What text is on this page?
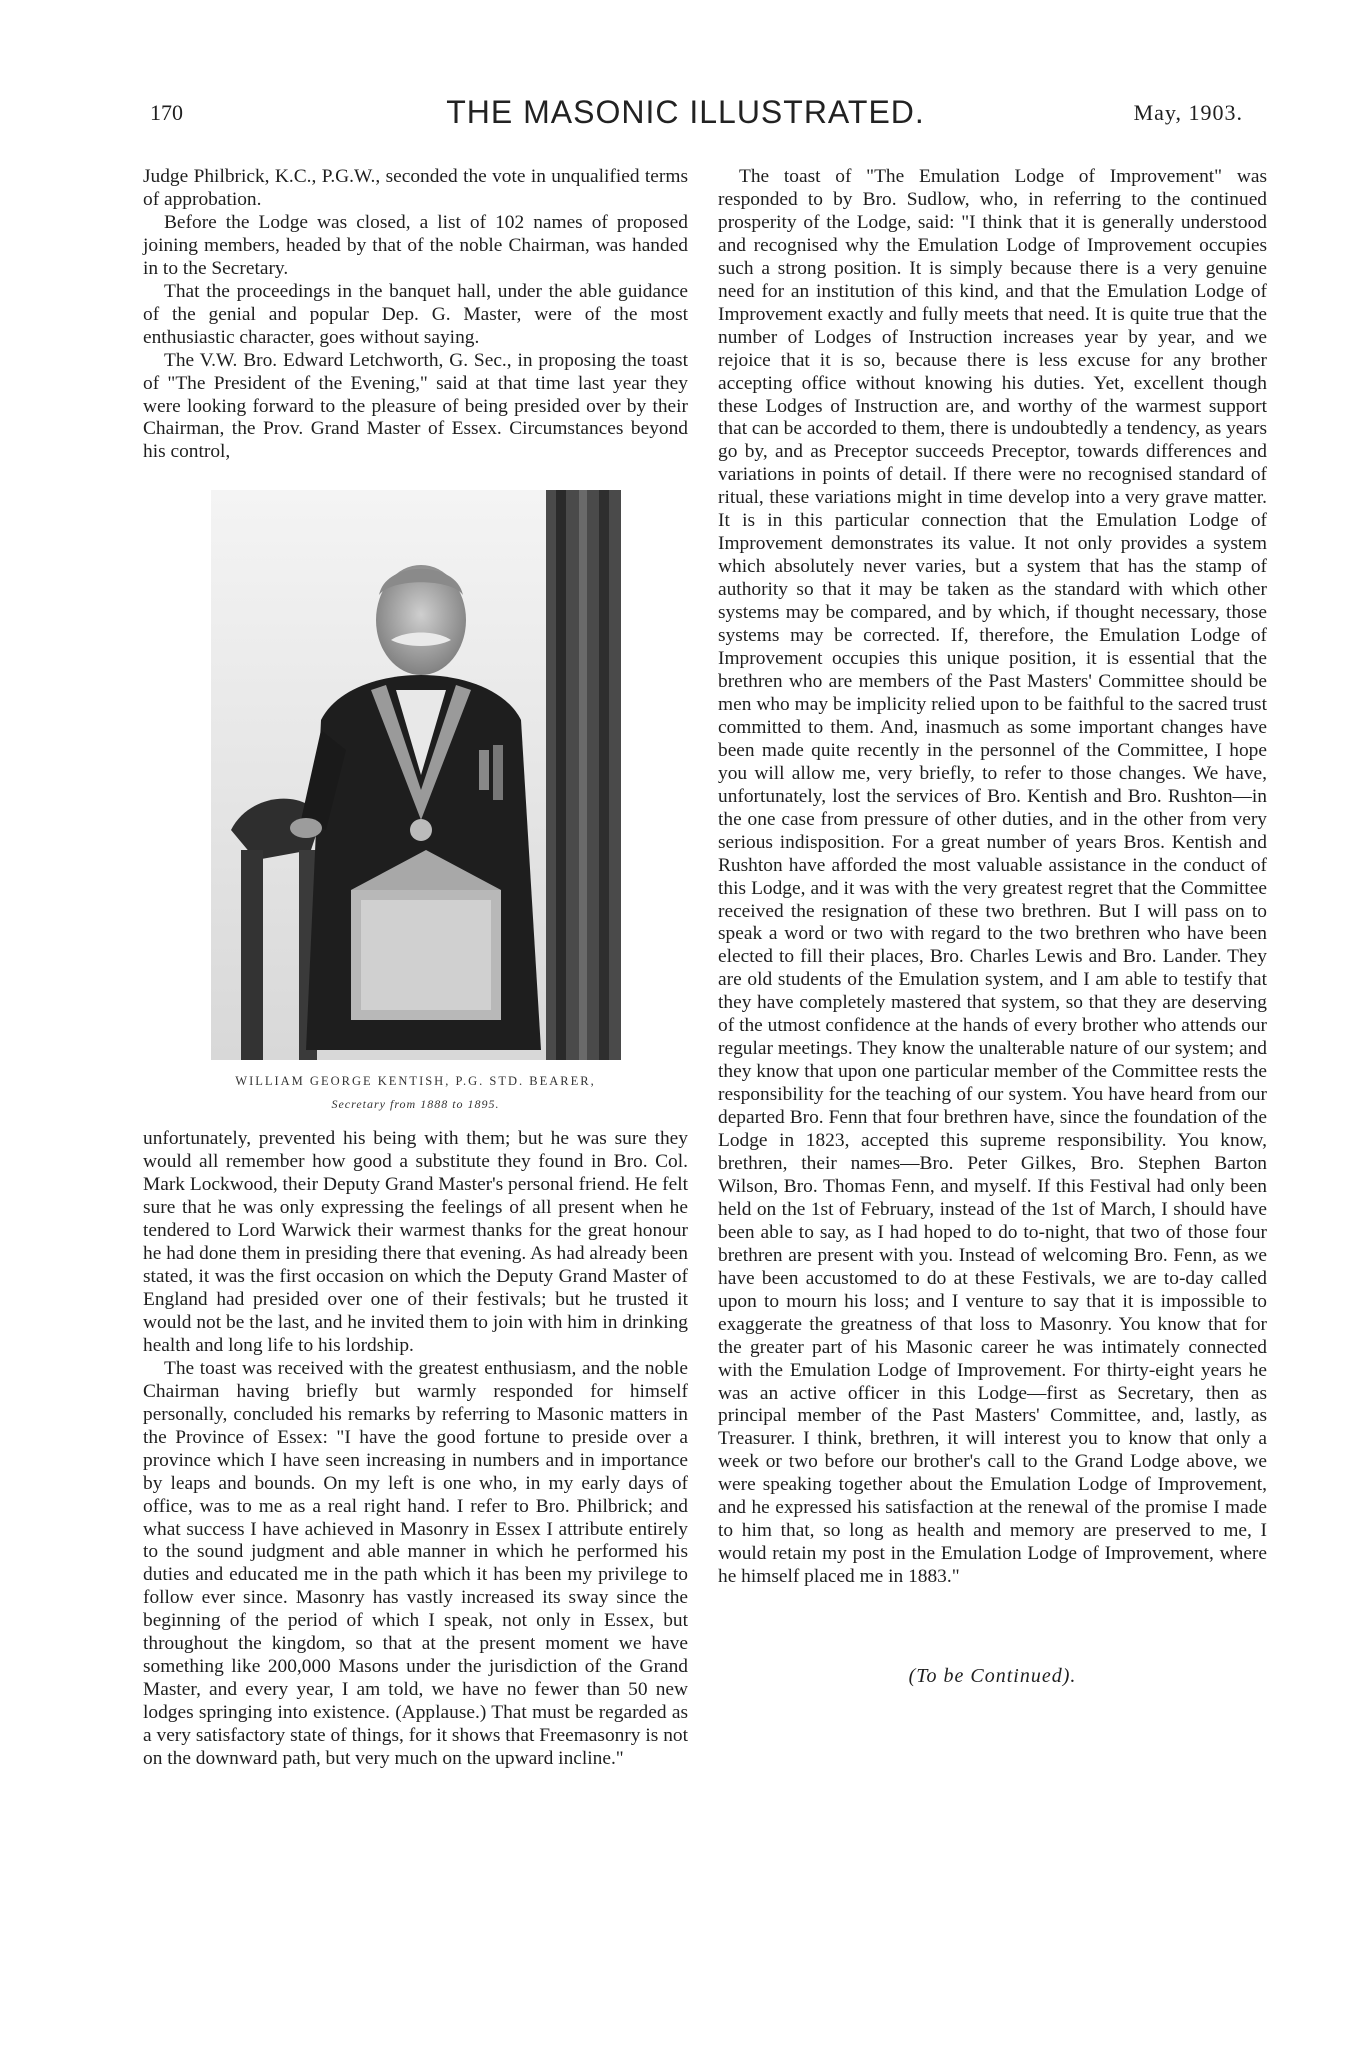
170	THE MASONIC ILLUSTRATED.	May, 1903.

Judge Philbrick, K.C., P.G.W., seconded the vote in unqualified terms of approbation.

Before the Lodge was closed, a list of 102 names of proposed joining members, headed by that of the noble Chairman, was handed in to the Secretary.

That the proceedings in the banquet hall, under the able guidance of the genial and popular Dep. G. Master, were of the most enthusiastic character, goes without saying.

The V.W. Bro. Edward Letchworth, G. Sec., in proposing the toast of "The President of the Evening," said at that time last year they were looking forward to the pleasure of being presided over by their Chairman, the Prov. Grand Master of Essex. Circumstances beyond his control,

WILLIAM GEORGE KENTISH, P.G. STD. BEARER,
Secretary from 1888 to 1895.

unfortunately, prevented his being with them; but he was sure they would all remember how good a substitute they found in Bro. Col. Mark Lockwood, their Deputy Grand Master's personal friend. He felt sure that he was only expressing the feelings of all present when he tendered to Lord Warwick their warmest thanks for the great honour he had done them in presiding there that evening. As had already been stated, it was the first occasion on which the Deputy Grand Master of England had presided over one of their festivals; but he trusted it would not be the last, and he invited them to join with him in drinking health and long life to his lordship.

The toast was received with the greatest enthusiasm, and the noble Chairman having briefly but warmly responded for himself personally, concluded his remarks by referring to Masonic matters in the Province of Essex: "I have the good fortune to preside over a province which I have seen increasing in numbers and in importance by leaps and bounds. On my left is one who, in my early days of office, was to me as a real right hand. I refer to Bro. Philbrick; and what success I have achieved in Masonry in Essex I attribute entirely to the sound judgment and able manner in which he performed his duties and educated me in the path which it has been my privilege to follow ever since. Masonry has vastly increased its sway since the beginning of the period of which I speak, not only in Essex, but throughout the kingdom, so that at the present moment we have something like 200,000 Masons under the jurisdiction of the Grand Master, and every year, I am told, we have no fewer than 50 new lodges springing into existence. (Applause.) That must be regarded as a very satisfactory state of things, for it shows that Freemasonry is not on the downward path, but very much on the upward incline."

The toast of "The Emulation Lodge of Improvement" was responded to by Bro. Sudlow, who, in referring to the continued prosperity of the Lodge, said: "I think that it is generally understood and recognised why the Emulation Lodge of Improvement occupies such a strong position. It is simply because there is a very genuine need for an institution of this kind, and that the Emulation Lodge of Improvement exactly and fully meets that need. It is quite true that the number of Lodges of Instruction increases year by year, and we rejoice that it is so, because there is less excuse for any brother accepting office without knowing his duties. Yet, excellent though these Lodges of Instruction are, and worthy of the warmest support that can be accorded to them, there is undoubtedly a tendency, as years go by, and as Preceptor succeeds Preceptor, towards differences and variations in points of detail. If there were no recognised standard of ritual, these variations might in time develop into a very grave matter. It is in this particular connection that the Emulation Lodge of Improvement demonstrates its value. It not only provides a system which absolutely never varies, but a system that has the stamp of authority so that it may be taken as the standard with which other systems may be compared, and by which, if thought necessary, those systems may be corrected. If, therefore, the Emulation Lodge of Improvement occupies this unique position, it is essential that the brethren who are members of the Past Masters' Committee should be men who may be implicity relied upon to be faithful to the sacred trust committed to them. And, inasmuch as some important changes have been made quite recently in the personnel of the Committee, I hope you will allow me, very briefly, to refer to those changes. We have, unfortunately, lost the services of Bro. Kentish and Bro. Rushton—in the one case from pressure of other duties, and in the other from very serious indisposition. For a great number of years Bros. Kentish and Rushton have afforded the most valuable assistance in the conduct of this Lodge, and it was with the very greatest regret that the Committee received the resignation of these two brethren. But I will pass on to speak a word or two with regard to the two brethren who have been elected to fill their places, Bro. Charles Lewis and Bro. Lander. They are old students of the Emulation system, and I am able to testify that they have completely mastered that system, so that they are deserving of the utmost confidence at the hands of every brother who attends our regular meetings. They know the unalterable nature of our system; and they know that upon one particular member of the Committee rests the responsibility for the teaching of our system. You have heard from our departed Bro. Fenn that four brethren have, since the foundation of the Lodge in 1823, accepted this supreme responsibility. You know, brethren, their names—Bro. Peter Gilkes, Bro. Stephen Barton Wilson, Bro. Thomas Fenn, and myself. If this Festival had only been held on the 1st of February, instead of the 1st of March, I should have been able to say, as I had hoped to do to-night, that two of those four brethren are present with you. Instead of welcoming Bro. Fenn, as we have been accustomed to do at these Festivals, we are to-day called upon to mourn his loss; and I venture to say that it is impossible to exaggerate the greatness of that loss to Masonry. You know that for the greater part of his Masonic career he was intimately connected with the Emulation Lodge of Improvement. For thirty-eight years he was an active officer in this Lodge—first as Secretary, then as principal member of the Past Masters' Committee, and, lastly, as Treasurer. I think, brethren, it will interest you to know that only a week or two before our brother's call to the Grand Lodge above, we were speaking together about the Emulation Lodge of Improvement, and he expressed his satisfaction at the renewal of the promise I made to him that, so long as health and memory are preserved to me, I would retain my post in the Emulation Lodge of Improvement, where he himself placed me in 1883."

(To be Continued).
